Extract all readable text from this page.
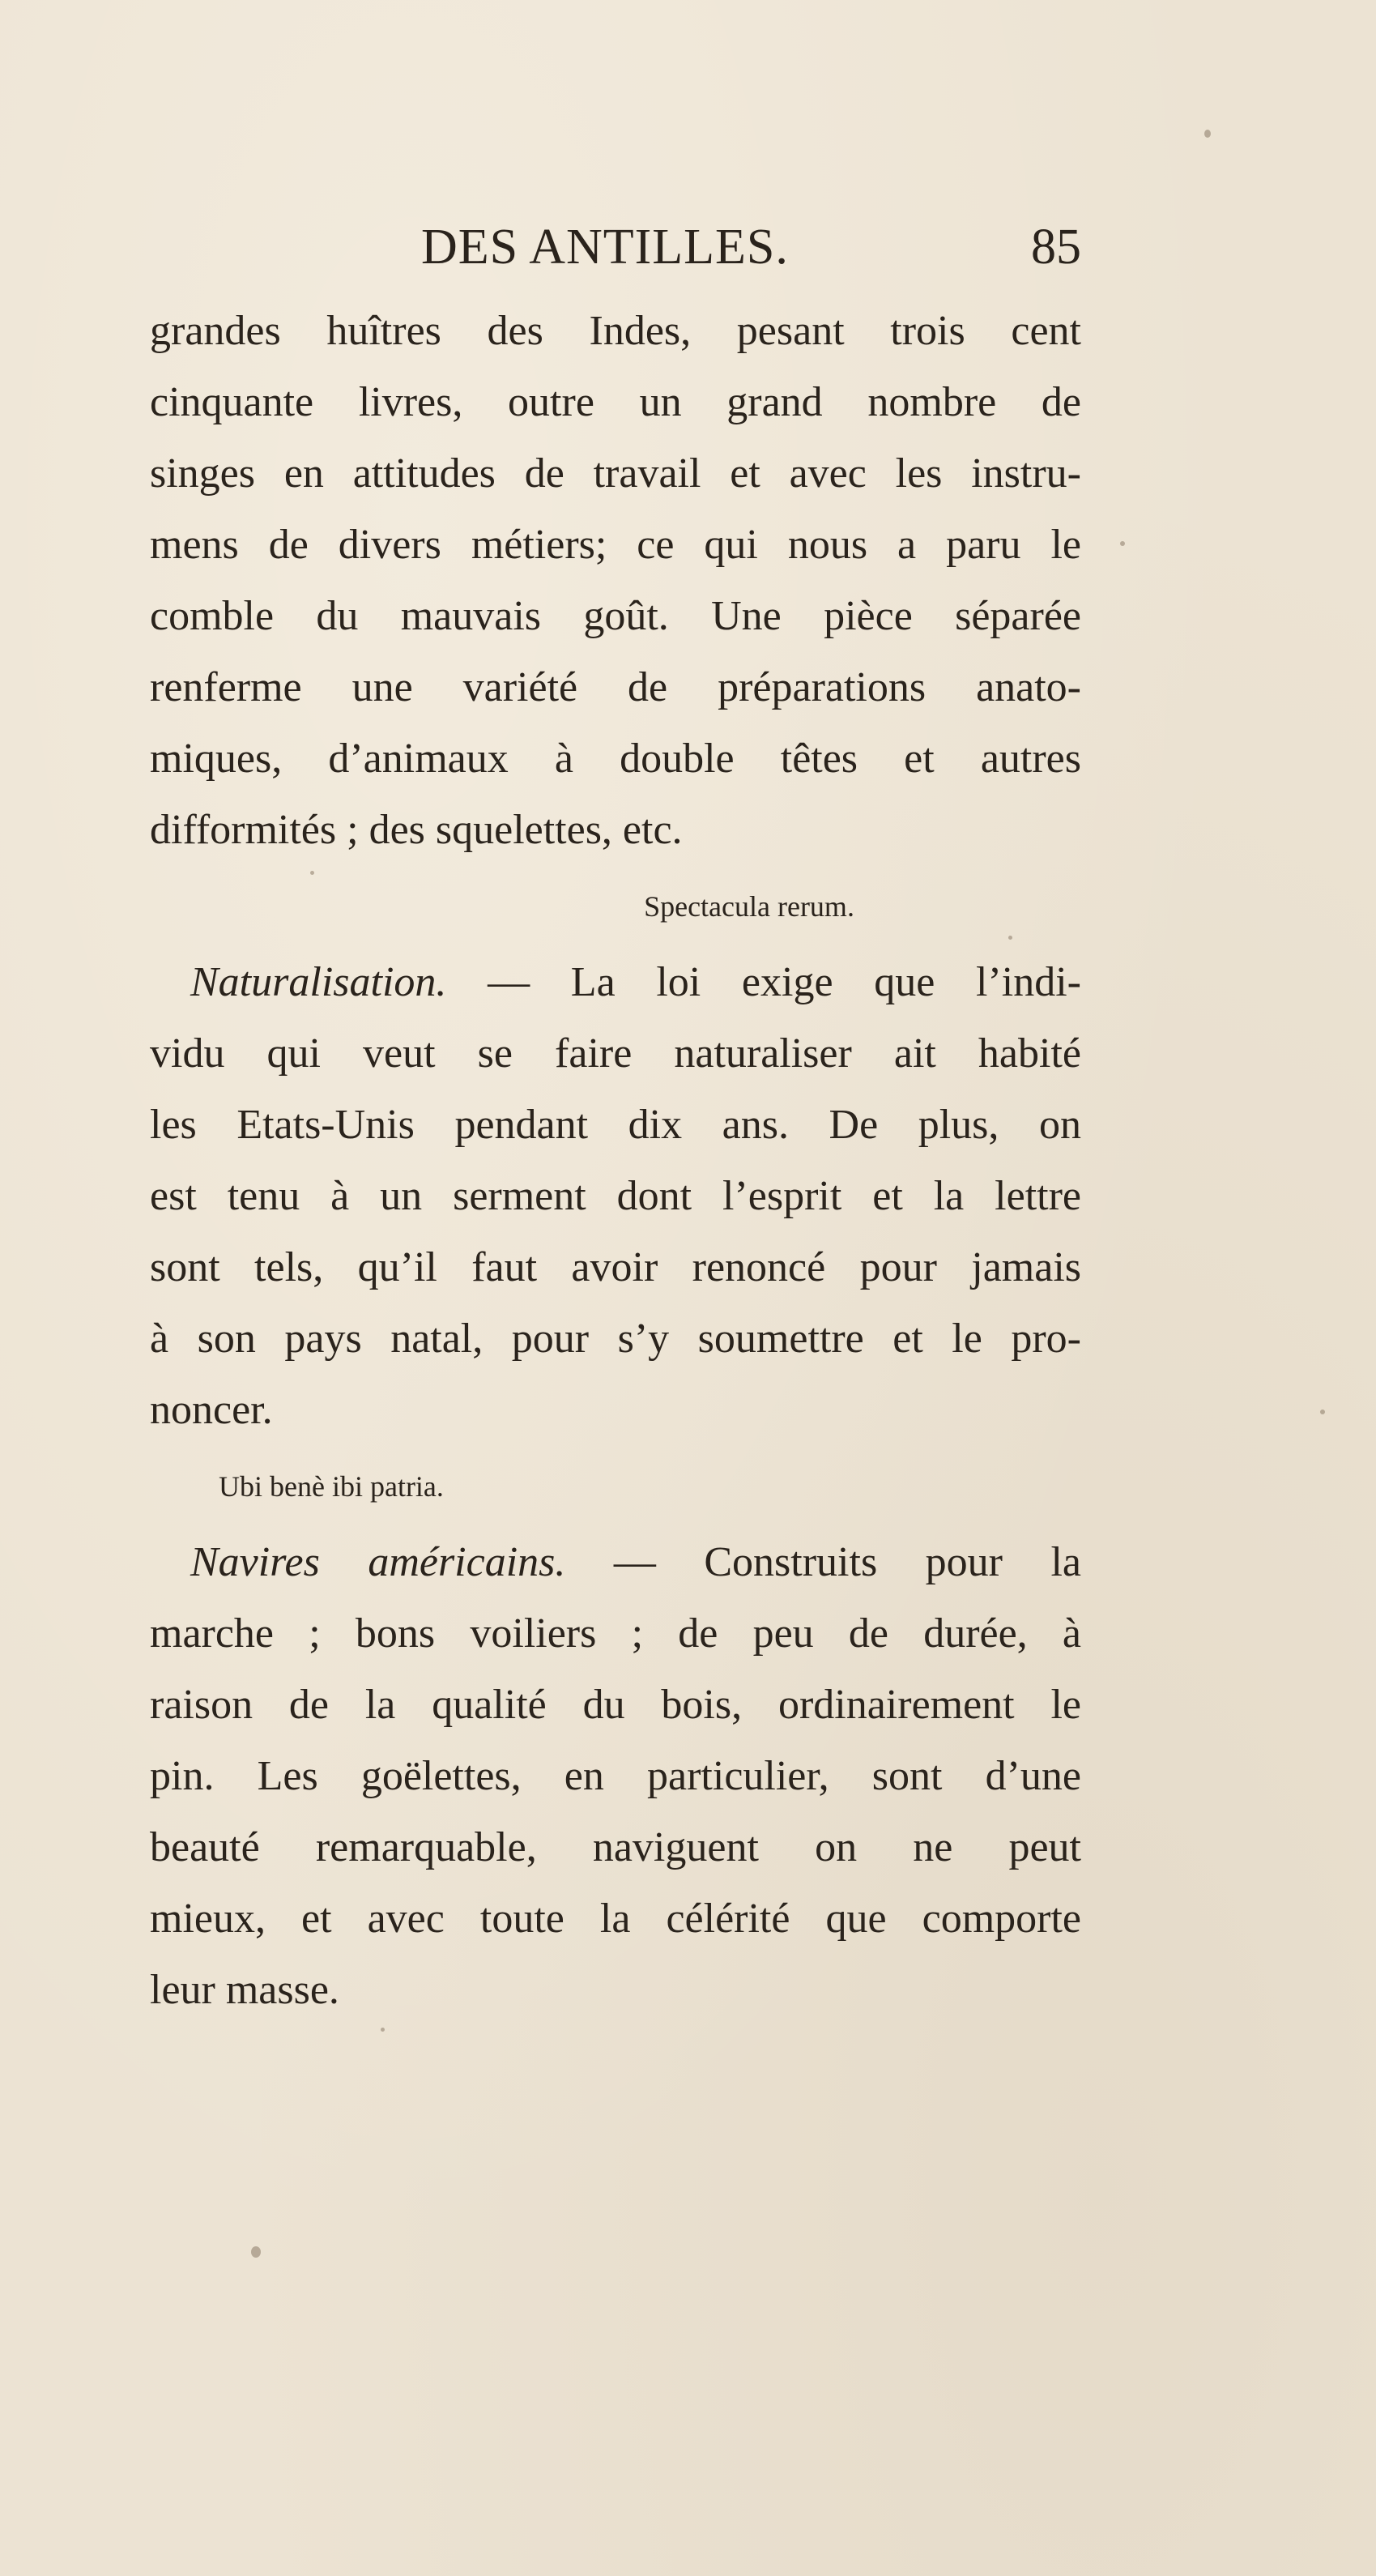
DES ANTILLES.	85
grandes huîtres des Indes, pesant trois cent
cinquante livres, outre un grand nombre de
singes en attitudes de travail et avec les instru-
mens de divers métiers; ce qui nous a paru le
comble du mauvais goût. Une pièce séparée
renferme une variété de préparations anato-
miques, d’animaux à double têtes et autres
difformités ; des squelettes, etc.
Spectacula rerum.
Naturalisation. — La loi exige que l’indi-
vidu qui veut se faire naturaliser ait habité
les Etats-Unis pendant dix ans. De plus, on
est tenu à un serment dont l’esprit et la lettre
sont tels, qu’il faut avoir renoncé pour jamais
à son pays natal, pour s’y soumettre et le pro-
noncer.
Ubi benè ibi patria.
Navires américains. — Construits pour la
marche ; bons voiliers ; de peu de durée, à
raison de la qualité du bois, ordinairement le
pin. Les goëlettes, en particulier, sont d’une
beauté remarquable, naviguent on ne peut
mieux, et avec toute la célérité que comporte
leur masse.
